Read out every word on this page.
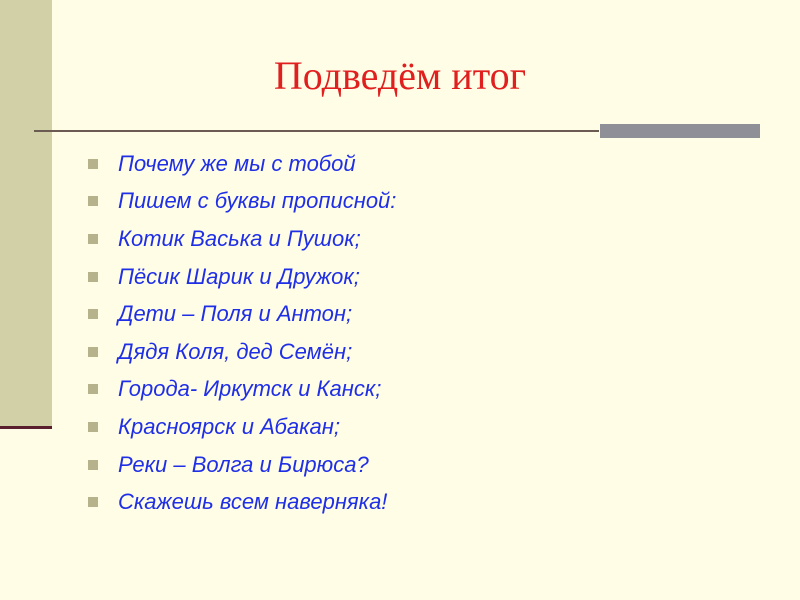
Подведём итог
Почему же мы с тобой
Пишем с буквы прописной:
Котик Васька и Пушок;
Пёсик Шарик и Дружок;
Дети – Поля и Антон;
Дядя Коля, дед Семён;
Города- Иркутск и Канск;
Красноярск и Абакан;
Реки – Волга и Бирюса?
Скажешь всем наверняка!
